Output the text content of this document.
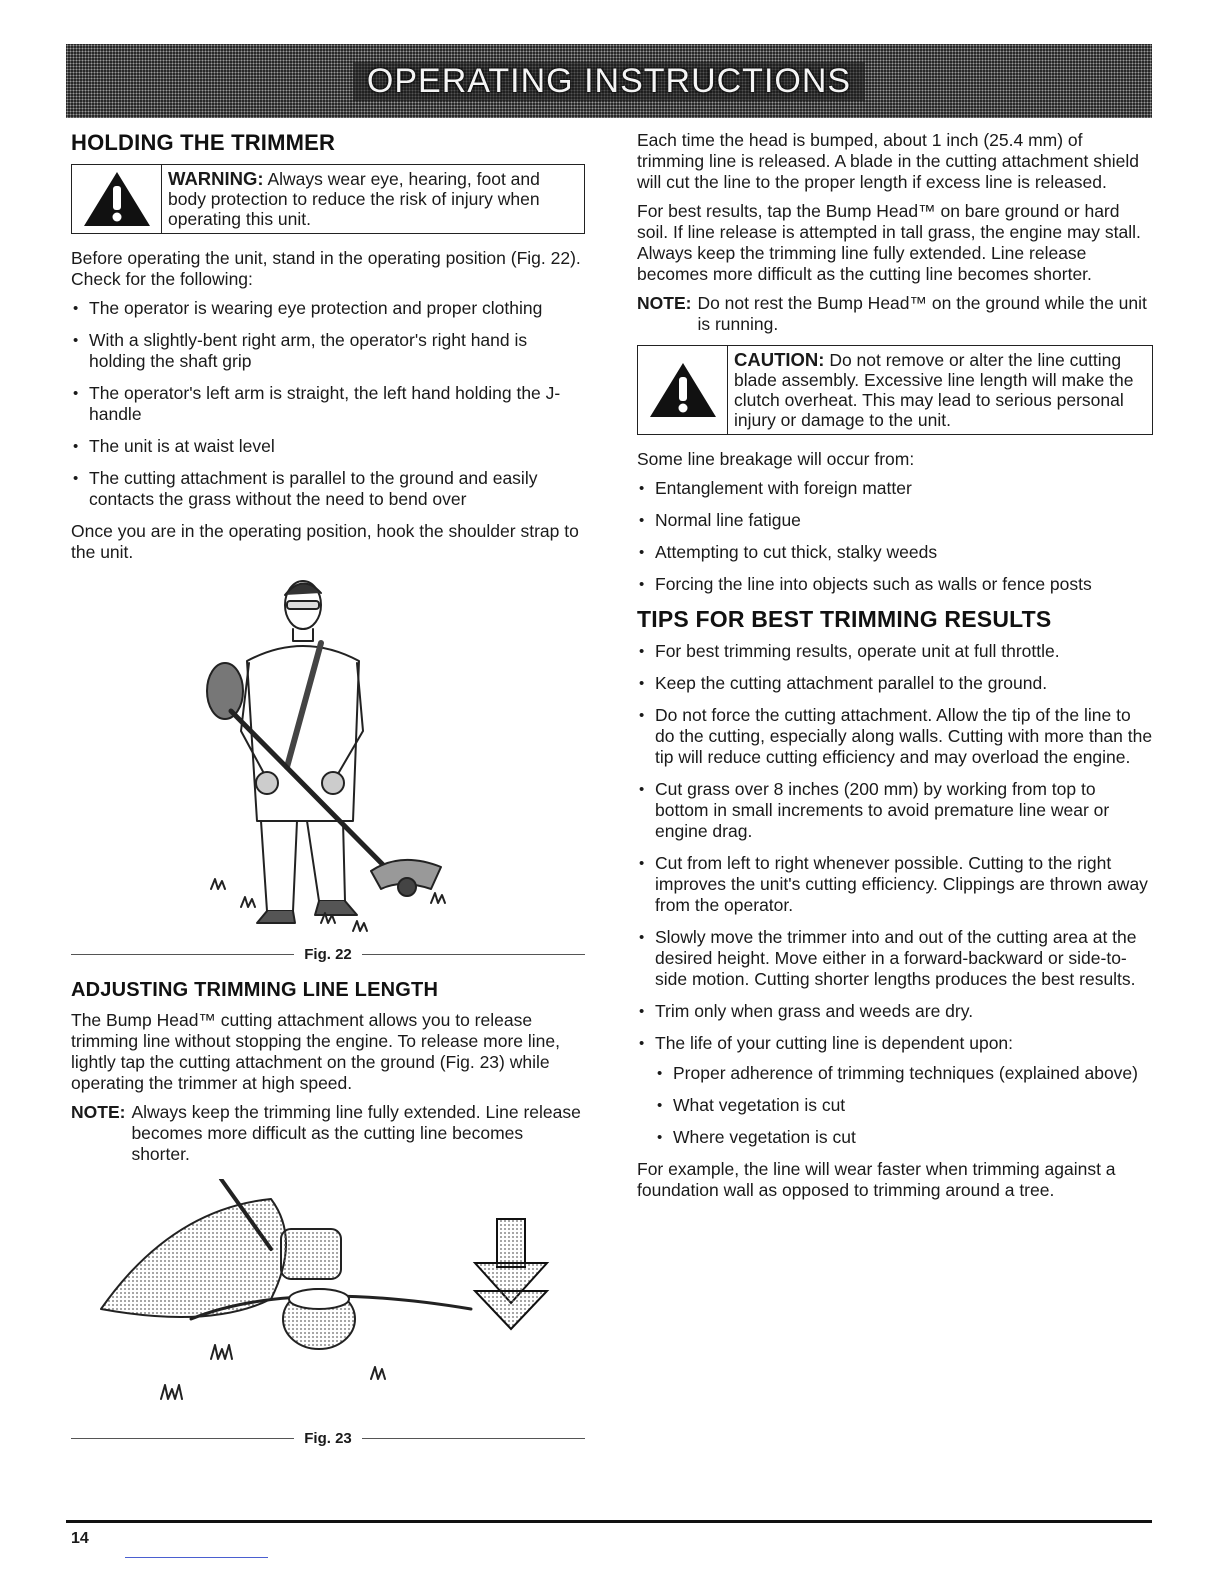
OPERATING INSTRUCTIONS
HOLDING THE TRIMMER
WARNING: Always wear eye, hearing, foot and body protection to reduce the risk of injury when operating this unit.

Before operating the unit, stand in the operating position (Fig. 22). Check for the following:

• The operator is wearing eye protection and proper clothing
• With a slightly-bent right arm, the operator's right hand is holding the shaft grip
• The operator's left arm is straight, the left hand holding the J-handle
• The unit is at waist level
• The cutting attachment is parallel to the ground and easily contacts the grass without the need to bend over

Once you are in the operating position, hook the shoulder strap to the unit.

Fig. 22
ADJUSTING TRIMMING LINE LENGTH

The Bump Head™ cutting attachment allows you to release trimming line without stopping the engine. To release more line, lightly tap the cutting attachment on the ground (Fig. 23) while operating the trimmer at high speed.

NOTE: Always keep the trimming line fully extended. Line release becomes more difficult as the cutting line becomes shorter.
Fig. 23

Each time the head is bumped, about 1 inch (25.4 mm) of trimming line is released. A blade in the cutting attachment shield will cut the line to the proper length if excess line is released.

For best results, tap the Bump Head™ on bare ground or hard soil. If line release is attempted in tall grass, the engine may stall. Always keep the trimming line fully extended. Line release becomes more difficult as the cutting line becomes shorter.

NOTE: Do not rest the Bump Head™ on the ground while the unit is running.
CAUTION: Do not remove or alter the line cutting blade assembly. Excessive line length will make the clutch overheat. This may lead to serious personal injury or damage to the unit.

Some line breakage will occur from:

• Entanglement with foreign matter
• Normal line fatigue
• Attempting to cut thick, stalky weeds
• Forcing the line into objects such as walls or fence posts
TIPS FOR BEST TRIMMING RESULTS
• For best trimming results, operate unit at full throttle.
• Keep the cutting attachment parallel to the ground.
• Do not force the cutting attachment. Allow the tip of the line to do the cutting, especially along walls. Cutting with more than the tip will reduce cutting efficiency and may overload the engine.
• Cut grass over 8 inches (200 mm) by working from top to bottom in small increments to avoid premature line wear or engine drag.
• Cut from left to right whenever possible. Cutting to the right improves the unit's cutting efficiency. Clippings are thrown away from the operator.
• Slowly move the trimmer into and out of the cutting area at the desired height. Move either in a forward-backward or side-to-side motion. Cutting shorter lengths produces the best results.
• Trim only when grass and weeds are dry.
• The life of your cutting line is dependent upon:
• Proper adherence of trimming techniques (explained above)
• What vegetation is cut
• Where vegetation is cut

For example, the line will wear faster when trimming against a foundation wall as opposed to trimming around a tree.

14
